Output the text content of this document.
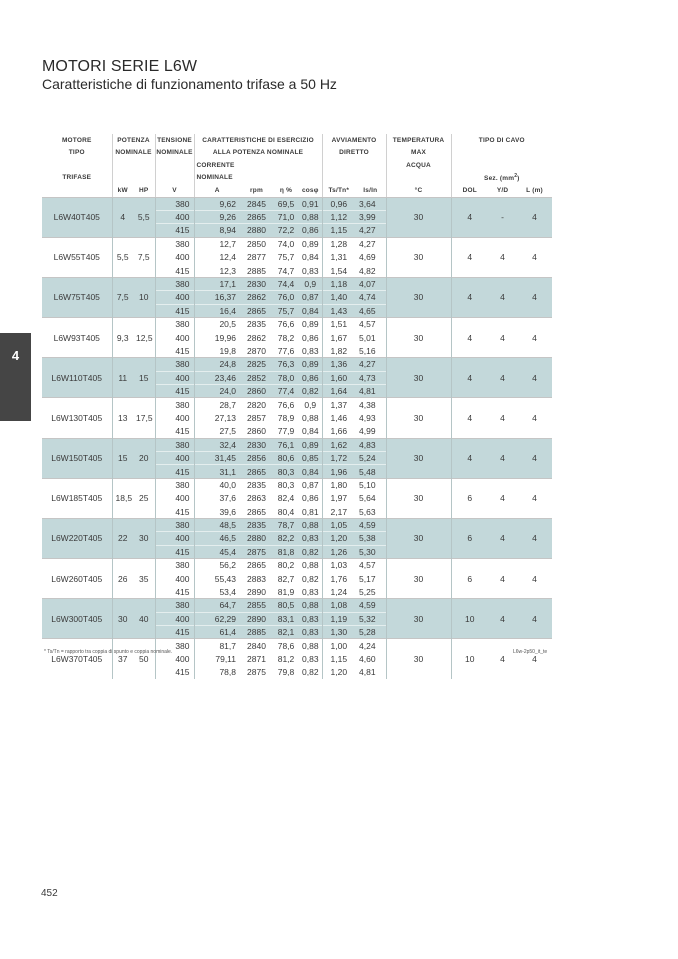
MOTORI SERIE L6W
Caratteristiche di funzionamento trifase a 50 Hz
4
MOTORE	POTENZA		TENSIONE	CARATTERISTICHE DI ESERCIZIO				AVVIAMENTO		TEMPERATURA	TIPO DI CAVO		
TIPO	NOMINALE		NOMINALE	ALLA POTENZA NOMINALE				DIRETTO		MAX			
				CORRENTE						ACQUA			
TRIFASE				NOMINALE							Sez. $(mm^2)$		
	kW	HP	V	A	rpm	η %	cosφ	Ts/Tn*	Is/In	°C	DOL	Y/D	L (m)
L6W40T405	4	5,5	380	9,62	2845	69,5	0,91	0,96	3,64	30	4	-	4
			400	9,26	2865	71,0	0,88	1,12	3,99				
			415	8,94	2880	72,2	0,86	1,15	4,27				
L6W55T405	5,5	7,5	380	12,7	2850	74,0	0,89	1,28	4,27	30	4	4	4
			400	12,4	2877	75,7	0,84	1,31	4,69				
			415	12,3	2885	74,7	0,83	1,54	4,82				
L6W75T405	7,5	10	380	17,1	2830	74,4	0,9	1,18	4,07	30	4	4	4
			400	16,37	2862	76,0	0,87	1,40	4,74				
			415	16,4	2865	75,7	0,84	1,43	4,65				
L6W93T405	9,3	12,5	380	20,5	2835	76,6	0,89	1,51	4,57	30	4	4	4
			400	19,96	2862	78,2	0,86	1,67	5,01				
			415	19,8	2870	77,6	0,83	1,82	5,16				
L6W110T405	11	15	380	24,8	2825	76,3	0,89	1,36	4,27	30	4	4	4
			400	23,46	2852	78,0	0,86	1,60	4,73				
			415	24,0	2860	77,4	0,82	1,64	4,81				
L6W130T405	13	17,5	380	28,7	2820	76,6	0,9	1,37	4,38	30	4	4	4
			400	27,13	2857	78,9	0,88	1,46	4,93				
			415	27,5	2860	77,9	0,84	1,66	4,99				
L6W150T405	15	20	380	32,4	2830	76,1	0,89	1,62	4,83	30	4	4	4
			400	31,45	2856	80,6	0,85	1,72	5,24				
			415	31,1	2865	80,3	0,84	1,96	5,48				
L6W185T405	18,5	25	380	40,0	2835	80,3	0,87	1,80	5,10	30	6	4	4
			400	37,6	2863	82,4	0,86	1,97	5,64				
			415	39,6	2865	80,4	0,81	2,17	5,63				
L6W220T405	22	30	380	48,5	2835	78,7	0,88	1,05	4,59	30	6	4	4
			400	46,5	2880	82,2	0,83	1,20	5,38				
			415	45,4	2875	81,8	0,82	1,26	5,30				
L6W260T405	26	35	380	56,2	2865	80,2	0,88	1,03	4,57	30	6	4	4
			400	55,43	2883	82,7	0,82	1,76	5,17				
			415	53,4	2890	81,9	0,83	1,24	5,25				
L6W300T405	30	40	380	64,7	2855	80,5	0,88	1,08	4,59	30	10	4	4
			400	62,29	2890	83,1	0,83	1,19	5,32				
			415	61,4	2885	82,1	0,83	1,30	5,28				
L6W370T405	37	50	380	81,7	2840	78,6	0,88	1,00	4,24	30	10	4	4
			400	79,11	2871	81,2	0,83	1,15	4,60				
			415	78,8	2875	79,8	0,82	1,20	4,81				
* Ts/Tn = rapporto tra coppia di spunto e coppia nominale.	L6w-2p50_it_te
452
